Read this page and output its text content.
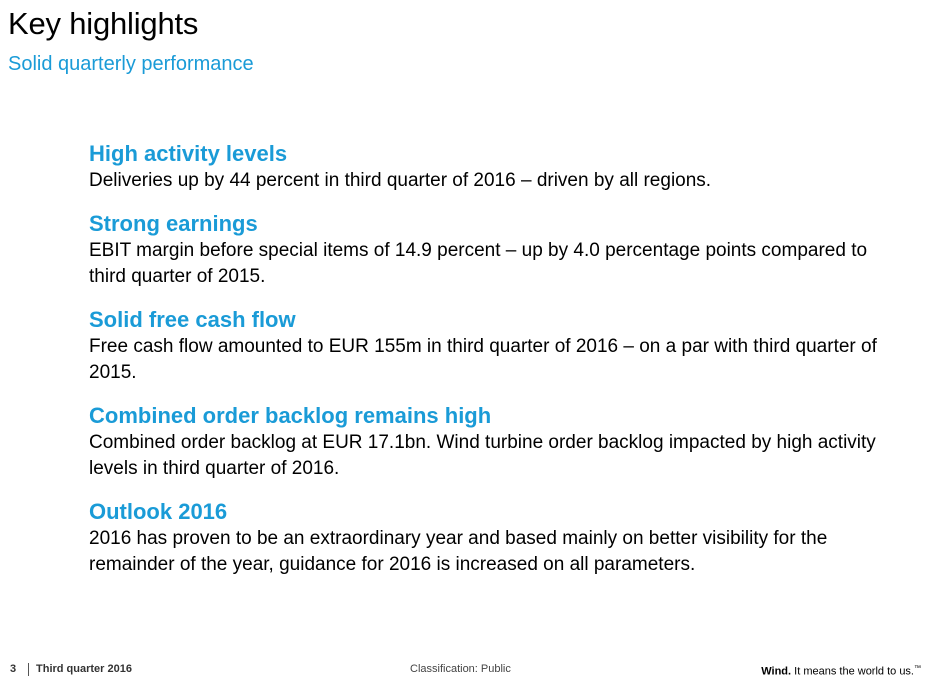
Key highlights

Solid quarterly performance

High activity levels

Deliveries up by 44 percent in third quarter of 2016 – driven by all regions.

Strong earnings

EBIT margin before special items of 14.9 percent – up by 4.0 percentage points compared to third quarter of 2015.

Solid free cash flow

Free cash flow amounted to EUR 155m in third quarter of 2016 – on a par with third quarter of 2015.

Combined order backlog remains high

Combined order backlog at EUR 17.1bn. Wind turbine order backlog impacted by high activity levels in third quarter of 2016.

Outlook 2016

2016 has proven to be an extraordinary year and based mainly on better visibility for the remainder of the year, guidance for 2016 is increased on all parameters.

3 Third quarter 2016	Classification: Public	Wind. It means the world to us.™
